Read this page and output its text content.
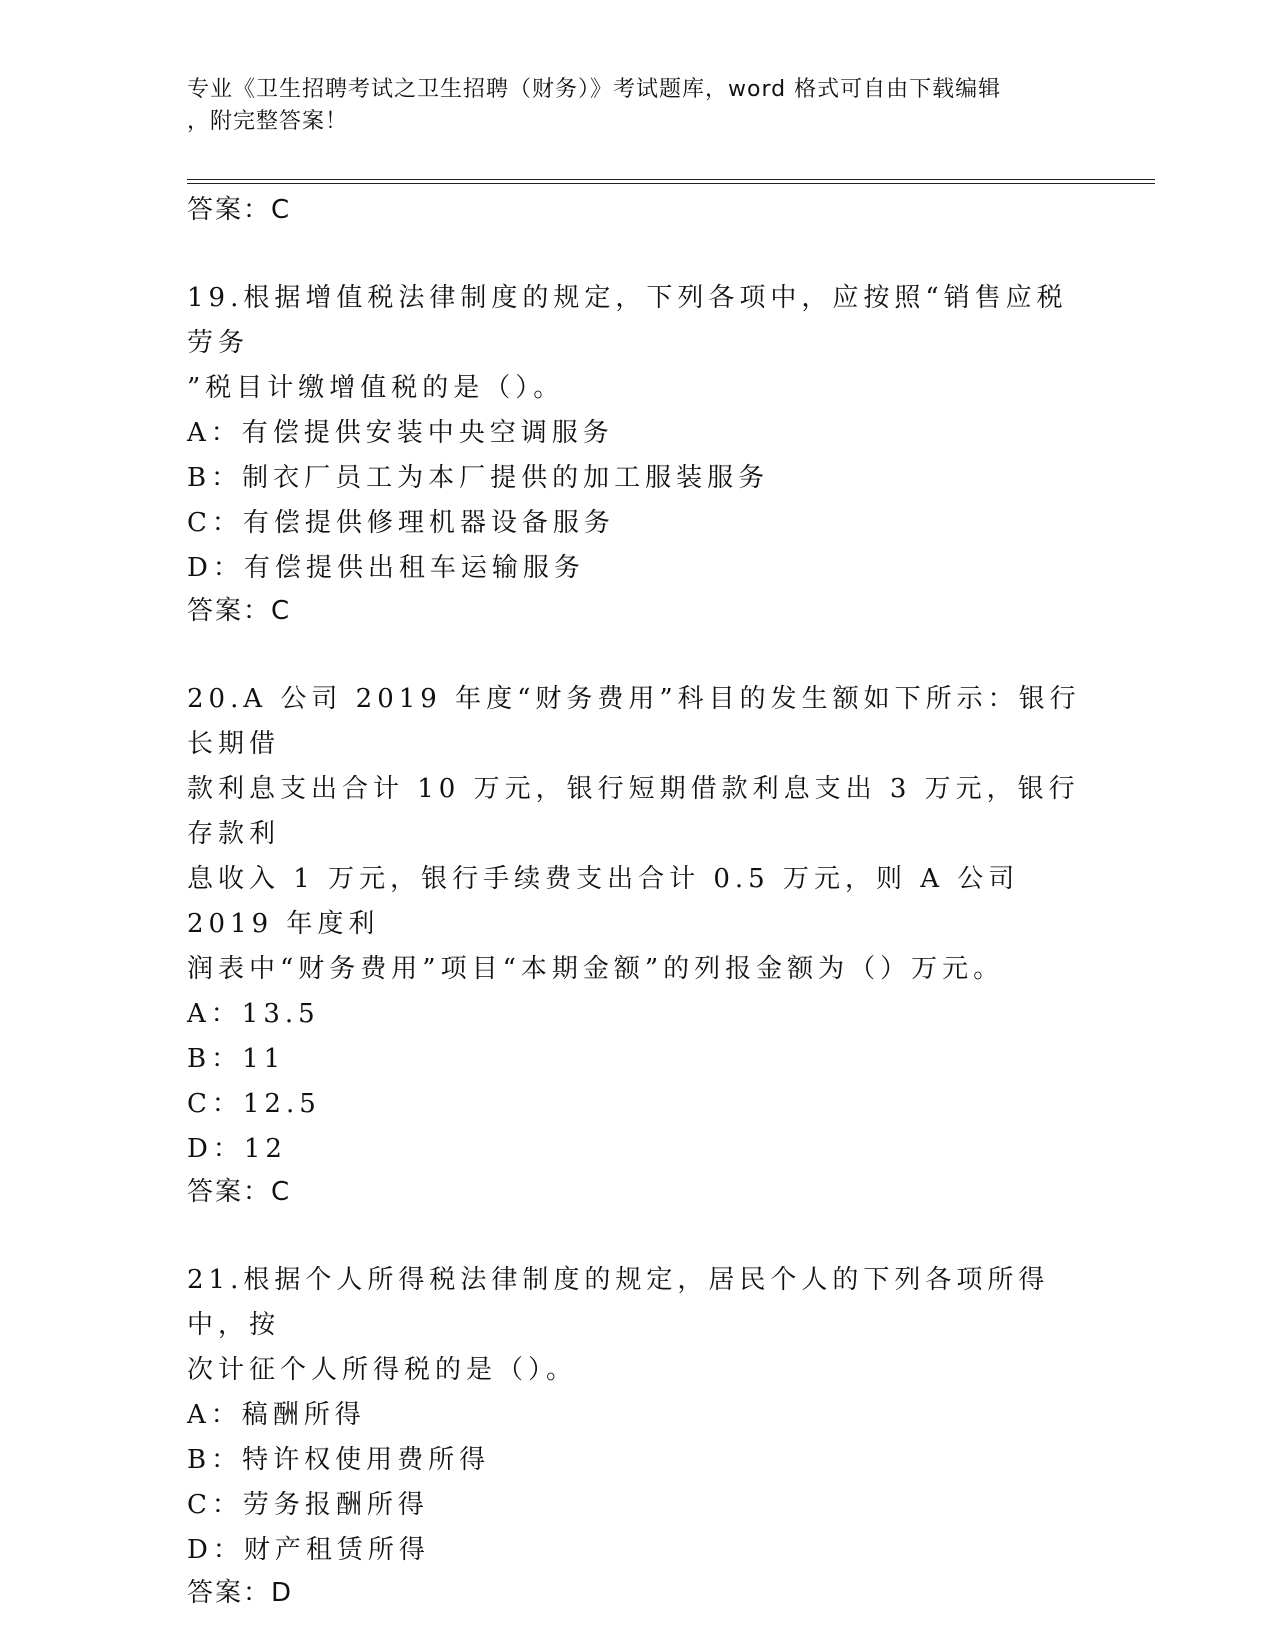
专业《卫生招聘考试之卫生招聘（财务）》考试题库，word 格式可自由下载编辑
，附完整答案！

答案：C

19.根据增值税法律制度的规定，下列各项中，应按照“销售应税劳务

”税目计缴增值税的是（）。

A：有偿提供安装中央空调服务

B：制衣厂员工为本厂提供的加工服装服务

C：有偿提供修理机器设备服务

D：有偿提供出租车运输服务

答案：C

20.A 公司 2019 年度“财务费用”科目的发生额如下所示：银行长期借

款利息支出合计 10 万元，银行短期借款利息支出 3 万元，银行存款利

息收入 1 万元，银行手续费支出合计 0.5 万元，则 A 公司 2019 年度利

润表中“财务费用”项目“本期金额”的列报金额为（）万元。

A：13.5

B：11

C：12.5

D：12

答案：C

21.根据个人所得税法律制度的规定，居民个人的下列各项所得中，按

次计征个人所得税的是（）。

A：稿酬所得

B：特许权使用费所得

C：劳务报酬所得

D：财产租赁所得

答案：D
